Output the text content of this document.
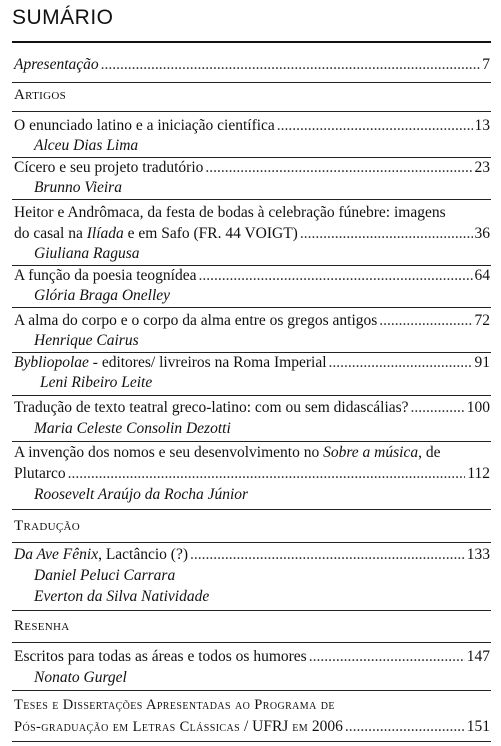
SUMÁRIO
Apresentação .....	7
Artigos
O enunciado latino e a iniciação científica .....	13
Alceu Dias Lima
Cícero e seu projeto tradutório .....	23
Brunno Vieira
Heitor e Andrômaca, da festa de bodas à celebração fúnebre: imagens
do casal na Ilíada e em Safo (FR. 44 VOIGT) .....	36
Giuliana Ragusa
A função da poesia teognídea .....	64
Glória Braga Onelley
A alma do corpo e o corpo da alma entre os gregos antigos .....	72
Henrique Cairus
Bybliopolae - editores/ livreiros na Roma Imperial .....	91
Leni Ribeiro Leite
Tradução de texto teatral greco-latino: com ou sem didascálias? .....	100
Maria Celeste Consolin Dezotti
A invenção dos nomos e seu desenvolvimento no Sobre a música, de
Plutarco .....	112
Roosevelt Araújo da Rocha Júnior
Tradução
Da Ave Fênix, Lactâncio (?) .....	133
Daniel Peluci Carrara
Everton da Silva Natividade
Resenha
Escritos para todas as áreas e todos os humores .....	147
Nonato Gurgel
Teses e Dissertações Apresentadas ao Programa de
Pós-graduação em Letras Clássicas / UFRJ em 2006 .....	151
